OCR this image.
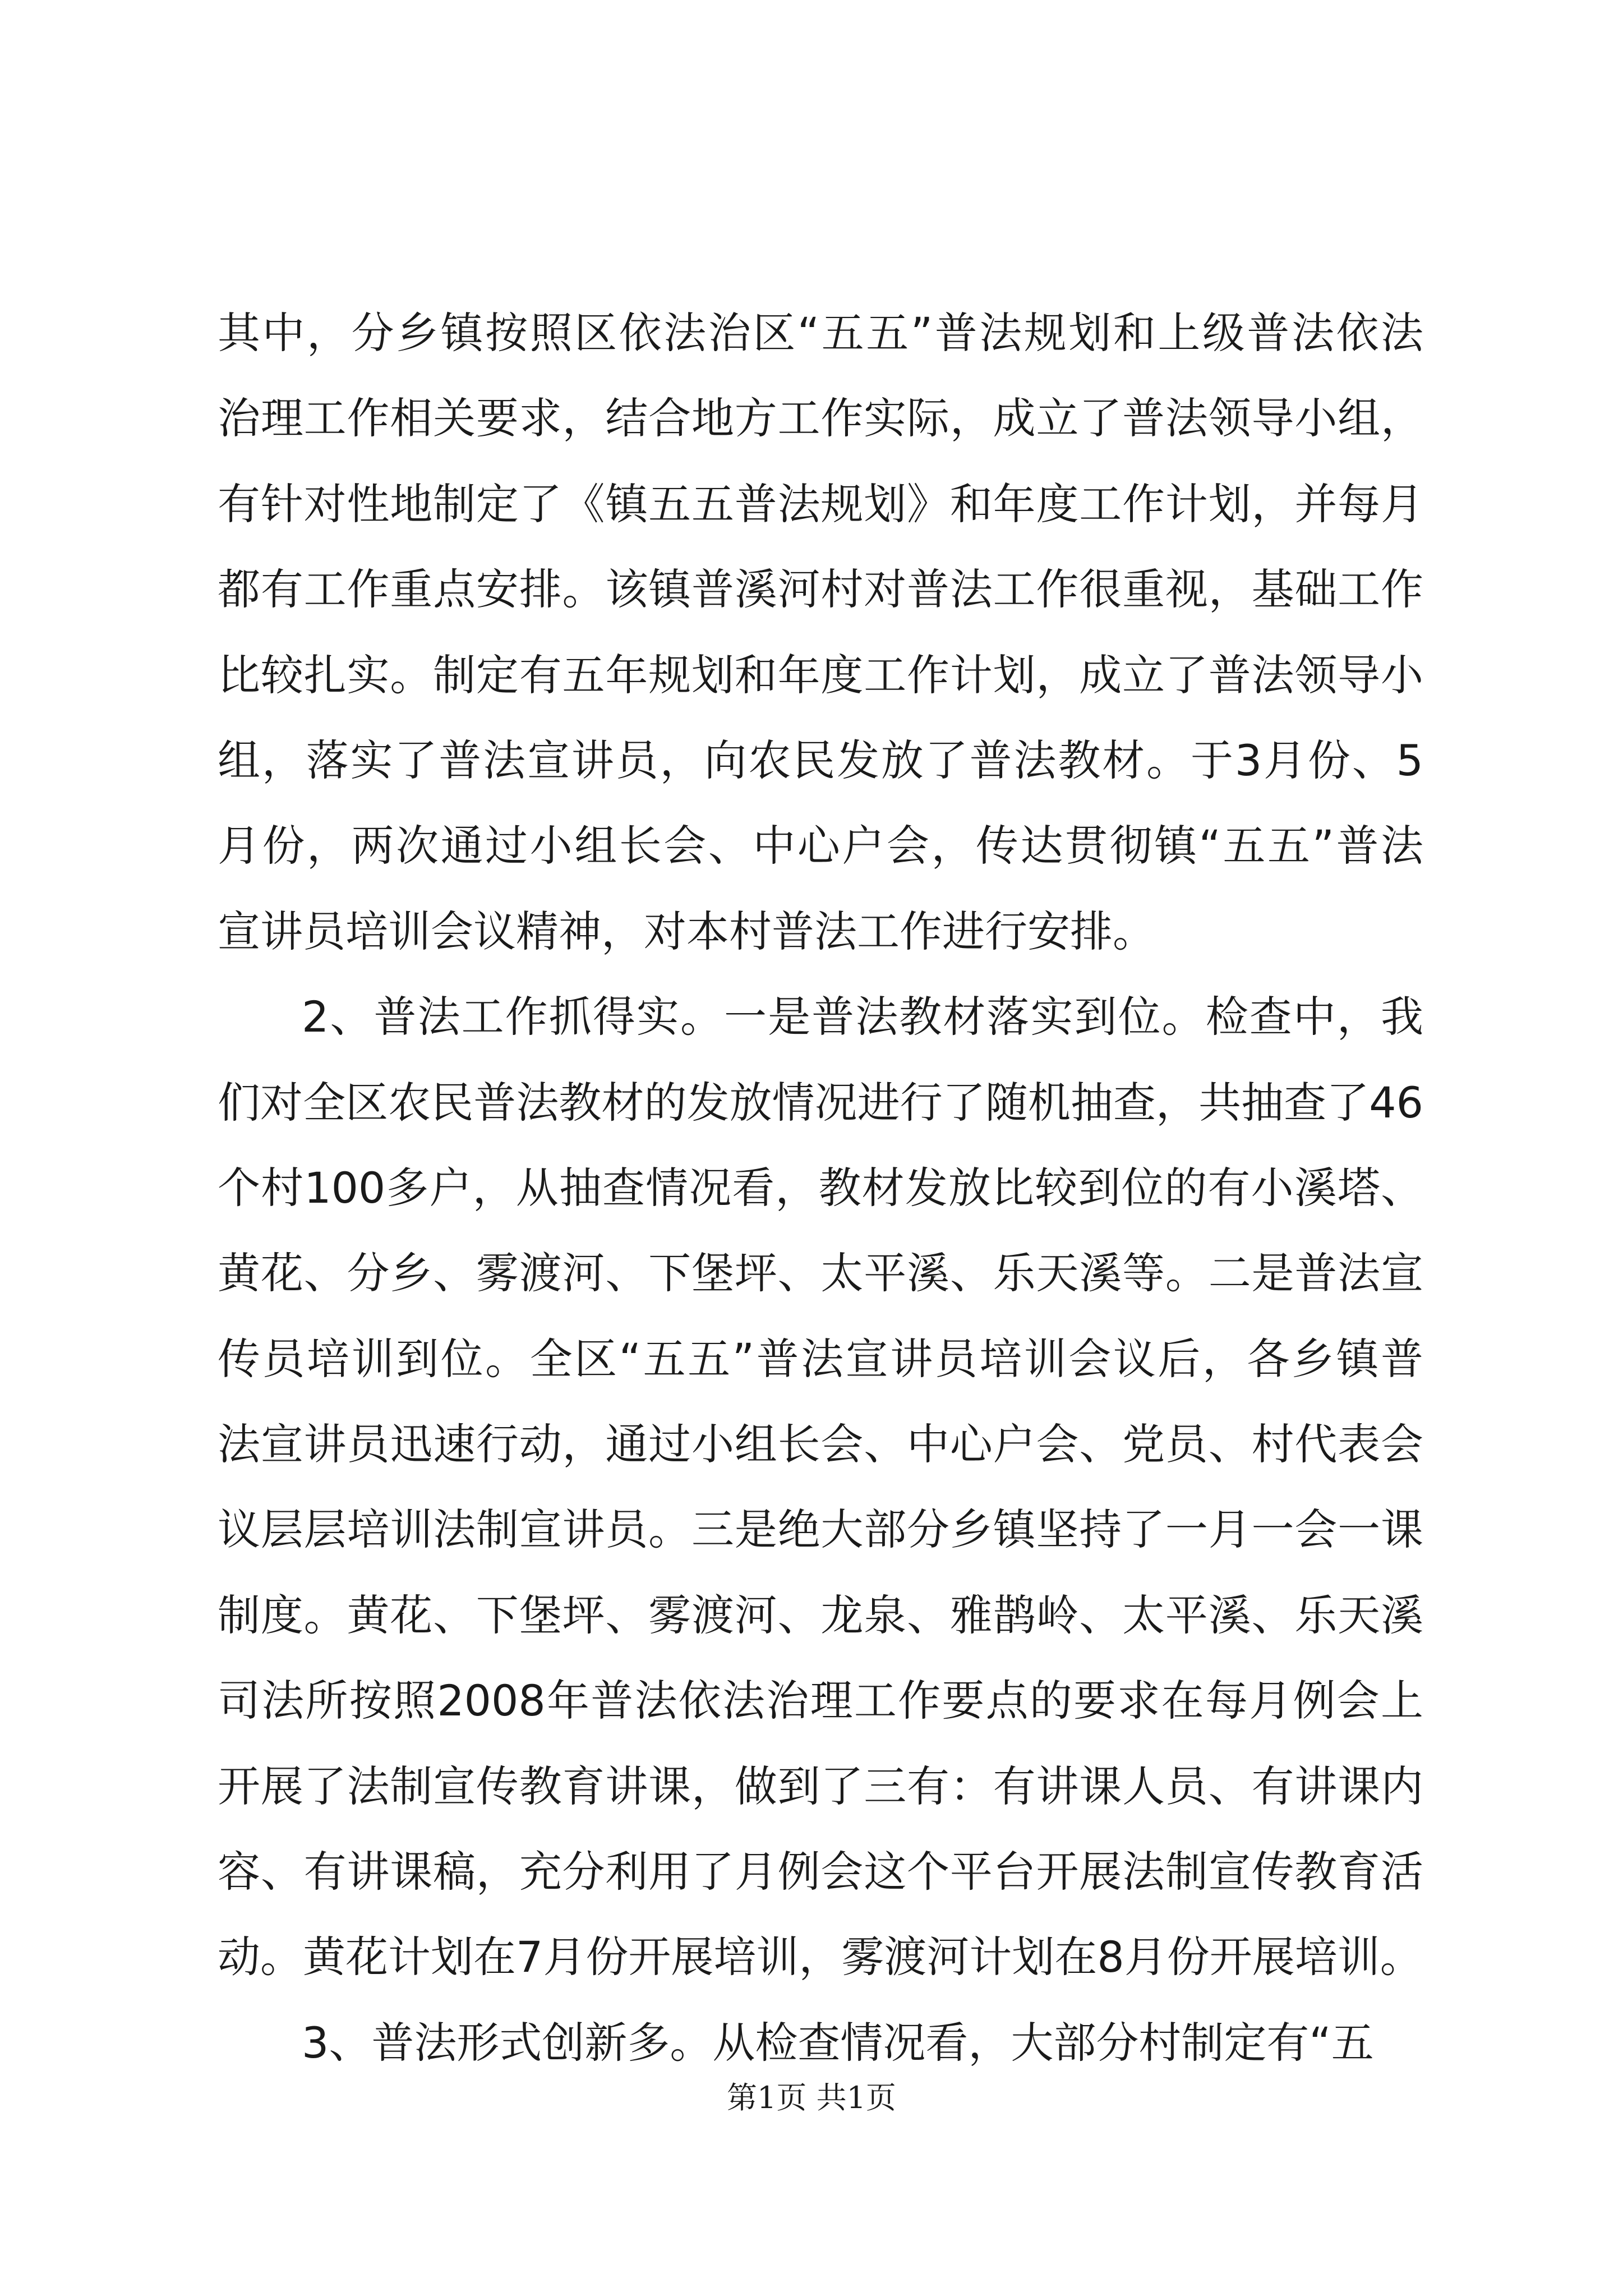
其中，分乡镇按照区依法治区“五五”普法规划和上级普法依法
治理工作相关要求，结合地方工作实际，成立了普法领导小组，
有针对性地制定了《镇五五普法规划》和年度工作计划，并每月
都有工作重点安排。该镇普溪河村对普法工作很重视，基础工作
比较扎实。制定有五年规划和年度工作计划，成立了普法领导小
组，落实了普法宣讲员，向农民发放了普法教材。于3月份、5
月份，两次通过小组长会、中心户会，传达贯彻镇“五五”普法
宣讲员培训会议精神，对本村普法工作进行安排。
2、普法工作抓得实。一是普法教材落实到位。检查中，我
们对全区农民普法教材的发放情况进行了随机抽查，共抽查了46
个村100多户，从抽查情况看，教材发放比较到位的有小溪塔、
黄花、分乡、雾渡河、下堡坪、太平溪、乐天溪等。二是普法宣
传员培训到位。全区“五五”普法宣讲员培训会议后，各乡镇普
法宣讲员迅速行动，通过小组长会、中心户会、党员、村代表会
议层层培训法制宣讲员。三是绝大部分乡镇坚持了一月一会一课
制度。黄花、下堡坪、雾渡河、龙泉、雅鹊岭、太平溪、乐天溪
司法所按照2008年普法依法治理工作要点的要求在每月例会上
开展了法制宣传教育讲课，做到了三有：有讲课人员、有讲课内
容、有讲课稿，充分利用了月例会这个平台开展法制宣传教育活
动。黄花计划在7月份开展培训，雾渡河计划在8月份开展培训。
3、普法形式创新多。从检查情况看，大部分村制定有“五
第1页 共1页
